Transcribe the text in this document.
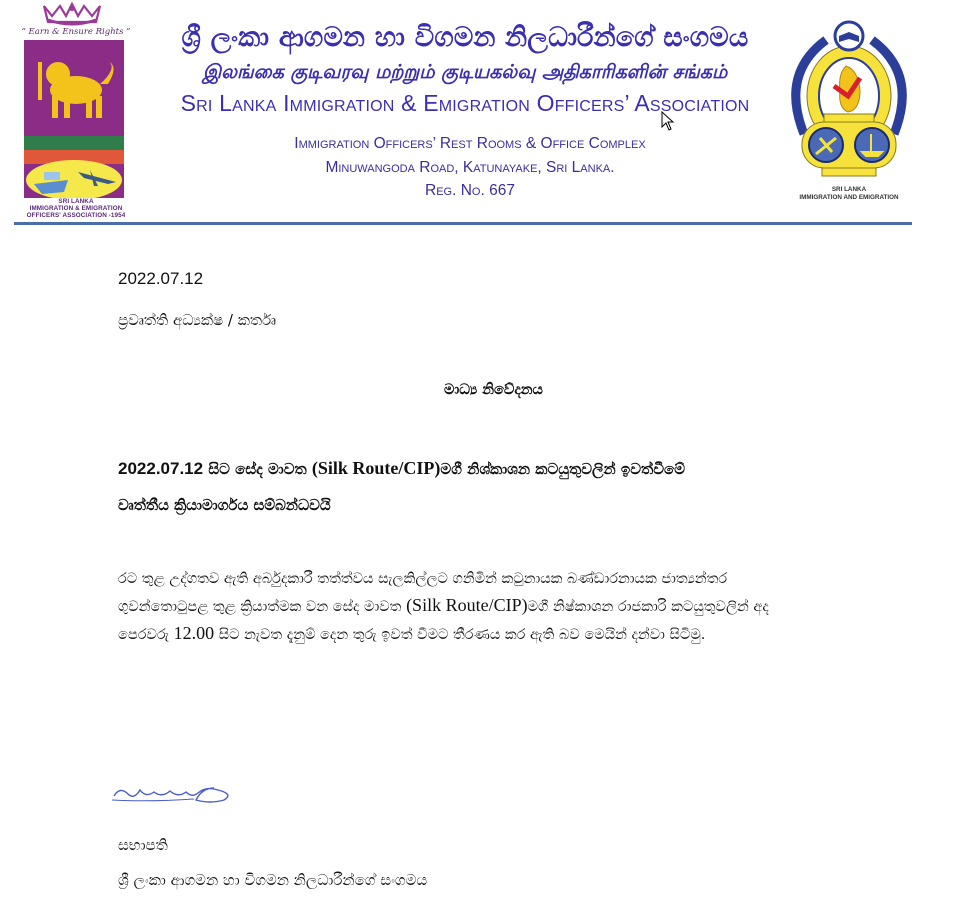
“ Earn & Ensure Rights ”
SRI LANKA
IMMIGRATION & EMIGRATION
OFFICERS' ASSOCIATION -1954
ශ්‍රී ලංකා ආගමන හා විගමන නිලධාරීන්ගේ සංගමය
இலங்கை குடிவரவு மற்றும் குடியகல்வு அதிகாரிகளின் சங்கம்
Sri Lanka Immigration & Emigration Officers’ Association
Immigration Officers’ Rest Rooms & Office Complex
Minuwangoda Road, Katunayake, Sri Lanka.
Reg. No. 667	SRI LANKA
IMMIGRATION AND EMIGRATION
2022.07.12
ප්‍රවෘත්ති අධ්‍යක්ෂ / කර්තෘ
මාධ්‍ය නිවේදනය
2022.07.12 සිට සේද මාවත (Silk Route/CIP)මගී නිශ්කාශන කටයුතුවලින් ඉවත්වීමේ
වෘත්තීය ක්‍රියාමාර්ගය සම්බන්ධවයි
රට තුළ උද්ගතව ඇති අර්බුදකාරී තත්ත්වය සැලකිල්ලට ගනිමින් කටුනායක බණ්ඩාරනායක ජාත්‍යන්තර ගුවන්තොටුපළ තුළ ක්‍රියාත්මක වන සේද මාවත (Silk Route/CIP)මගී නිෂ්කාශන රාජකාරි කටයුතුවලින් අද පෙරවරු 12.00 සිට නැවත දැනුම් දෙන තුරු ඉවත් වීමට තීරණය කර ඇති බව මෙයින් දන්වා සිටිමු.
සභාපති
ශ්‍රී ලංකා ආගමන හා විගමන නිලධාරීන්ගේ සංගමය
